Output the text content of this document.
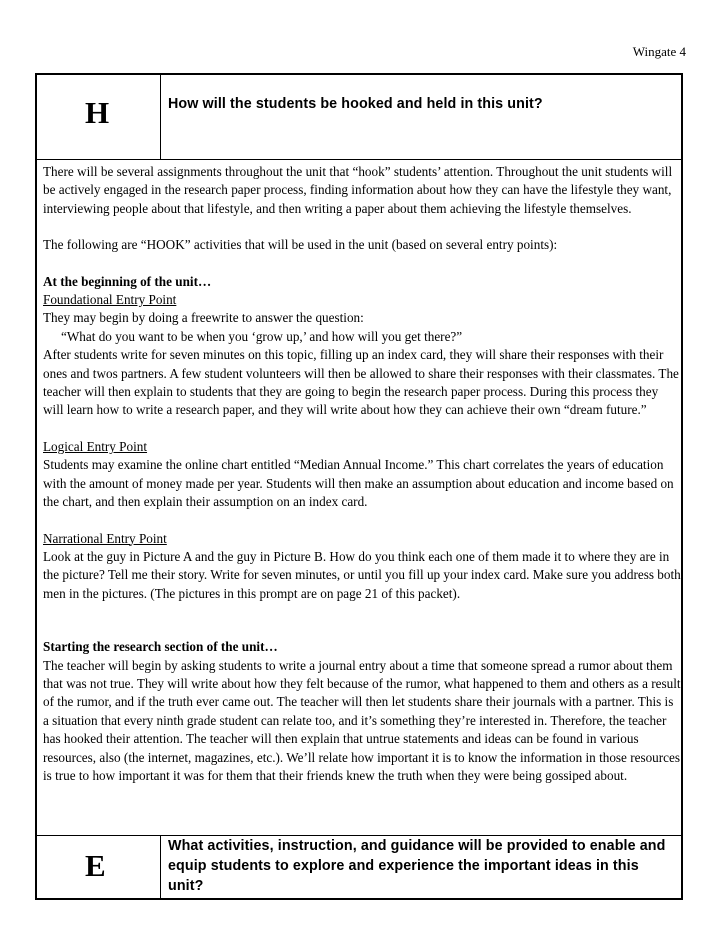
Wingate 4
H	How will the students be hooked and held in this unit?

There will be several assignments throughout the unit that “hook” students’ attention. Throughout the unit students will be actively engaged in the research paper process, finding information about how they can have the lifestyle they want, interviewing people about that lifestyle, and then writing a paper about them achieving the lifestyle themselves.

The following are “HOOK” activities that will be used in the unit (based on several entry points):

At the beginning of the unit…

Foundational Entry Point

They may begin by doing a freewrite to answer the question:

“What do you want to be when you ‘grow up,’ and how will you get there?”

After students write for seven minutes on this topic, filling up an index card, they will share their responses with their ones and twos partners. A few student volunteers will then be allowed to share their responses with their classmates. The teacher will then explain to students that they are going to begin the research paper process. During this process they will learn how to write a research paper, and they will write about how they can achieve their own “dream future.”

Logical Entry Point

Students may examine the online chart entitled “Median Annual Income.” This chart correlates the years of education with the amount of money made per year. Students will then make an assumption about education and income based on the chart, and then explain their assumption on an index card.

Narrational Entry Point

Look at the guy in Picture A and the guy in Picture B. How do you think each one of them made it to where they are in the picture? Tell me their story. Write for seven minutes, or until you fill up your index card. Make sure you address both men in the pictures. (The pictures in this prompt are on page 21 of this packet).

Starting the research section of the unit…

The teacher will begin by asking students to write a journal entry about a time that someone spread a rumor about them that was not true. They will write about how they felt because of the rumor, what happened to them and others as a result of the rumor, and if the truth ever came out. The teacher will then let students share their journals with a partner. This is a situation that every ninth grade student can relate too, and it’s something they’re interested in. Therefore, the teacher has hooked their attention. The teacher will then explain that untrue statements and ideas can be found in various resources, also (the internet, magazines, etc.). We’ll relate how important it is to know the information in those resources is true to how important it was for them that their friends knew the truth when they were being gossiped about.

E
What activities, instruction, and guidance will be provided to enable and equip students to explore and experience the important ideas in this unit?
